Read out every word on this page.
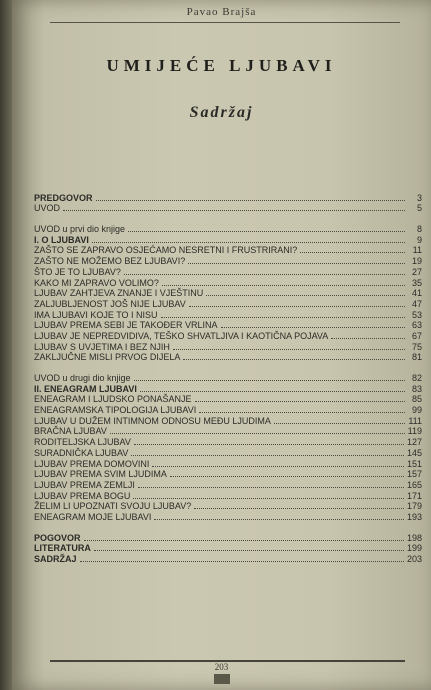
Pavao Brajša
UMIJEĆE LJUBAVI
Sadržaj
PREDGOVOR	3
UVOD	5
UVOD u prvi dio knjige	8
I. O LJUBAVI	9
ZAŠTO SE ZAPRAVO OSJEĆAMO NESRETNI I FRUSTRIRANI?	11
ZAŠTO NE MOŽEMO BEZ LJUBAVI?	19
ŠTO JE TO LJUBAV?	27
KAKO MI ZAPRAVO VOLIMO?	35
LJUBAV ZAHTJEVA ZNANJE I VJEŠTINU	41
ZALJUBLJENOST JOŠ NIJE LJUBAV	47
IMA LJUBAVI KOJE TO I NISU	53
LJUBAV PREMA SEBI JE TAKOĐER VRLINA	63
LJUBAV JE NEPREDVIDIVA, TEŠKO SHVATLJIVA I KAOTIČNA POJAVA	67
LJUBAV S UVJETIMA I BEZ NJIH	75
ZAKLJUČNE MISLI PRVOG DIJELA	81
UVOD u drugi dio knjige	82
II. ENEAGRAM LJUBAVI	83
ENEAGRAM I LJUDSKO PONAŠANJE	85
ENEAGRAMSKA TIPOLOGIJA LJUBAVI	99
LJUBAV U DUŽEM INTIMNOM ODNOSU MEĐU LJUDIMA	111
BRAČNA LJUBAV	119
RODITELJSKA LJUBAV	127
SURADNIČKA LJUBAV	145
LJUBAV PREMA DOMOVINI	151
LJUBAV PREMA SVIM LJUDIMA	157
LJUBAV PREMA ZEMLJI	165
LJUBAV PREMA BOGU	171
ŽELIM LI UPOZNATI SVOJU LJUBAV?	179
ENEAGRAM MOJE LJUBAVI	193
POGOVOR	198
LITERATURA	199
SADRŽAJ	203
203
